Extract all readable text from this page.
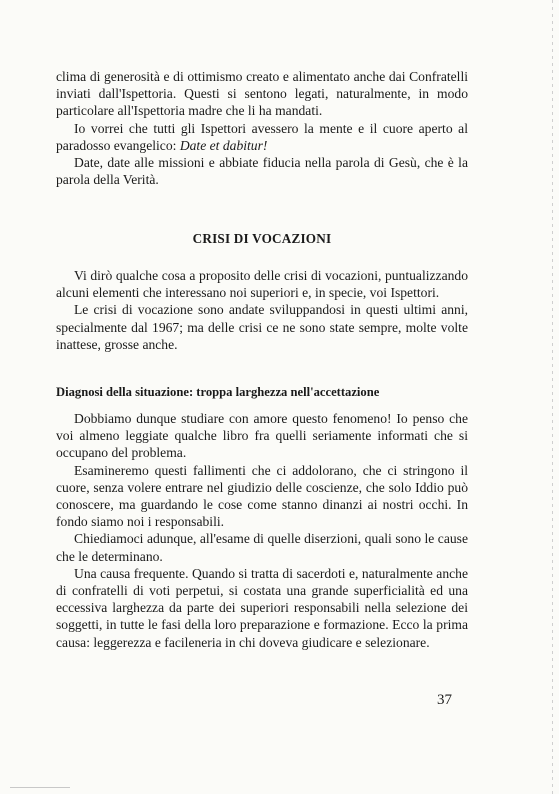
clima di generosità e di ottimismo creato e alimentato anche dai Confratelli inviati dall'Ispettoria. Questi si sentono legati, naturalmente, in modo particolare all'Ispettoria madre che li ha mandati.

Io vorrei che tutti gli Ispettori avessero la mente e il cuore aperto al paradosso evangelico: Date et dabitur!

Date, date alle missioni e abbiate fiducia nella parola di Gesù, che è la parola della Verità.

CRISI DI VOCAZIONI

Vi dirò qualche cosa a proposito delle crisi di vocazioni, puntualizzando alcuni elementi che interessano noi superiori e, in specie, voi Ispettori.

Le crisi di vocazione sono andate sviluppandosi in questi ultimi anni, specialmente dal 1967; ma delle crisi ce ne sono state sempre, molte volte inattese, grosse anche.

Diagnosi della situazione: troppa larghezza nell'accettazione

Dobbiamo dunque studiare con amore questo fenomeno! Io penso che voi almeno leggiate qualche libro fra quelli seriamente informati che si occupano del problema.

Esamineremo questi fallimenti che ci addolorano, che ci stringono il cuore, senza volere entrare nel giudizio delle coscienze, che solo Iddio può conoscere, ma guardando le cose come stanno dinanzi ai nostri occhi. In fondo siamo noi i responsabili.

Chiediamoci adunque, all'esame di quelle diserzioni, quali sono le cause che le determinano.

Una causa frequente. Quando si tratta di sacerdoti e, naturalmente anche di confratelli di voti perpetui, si costata una grande superficialità ed una eccessiva larghezza da parte dei superiori responsabili nella selezione dei soggetti, in tutte le fasi della loro preparazione e formazione. Ecco la prima causa: leggerezza e facileneria in chi doveva giudicare e selezionare.

37
